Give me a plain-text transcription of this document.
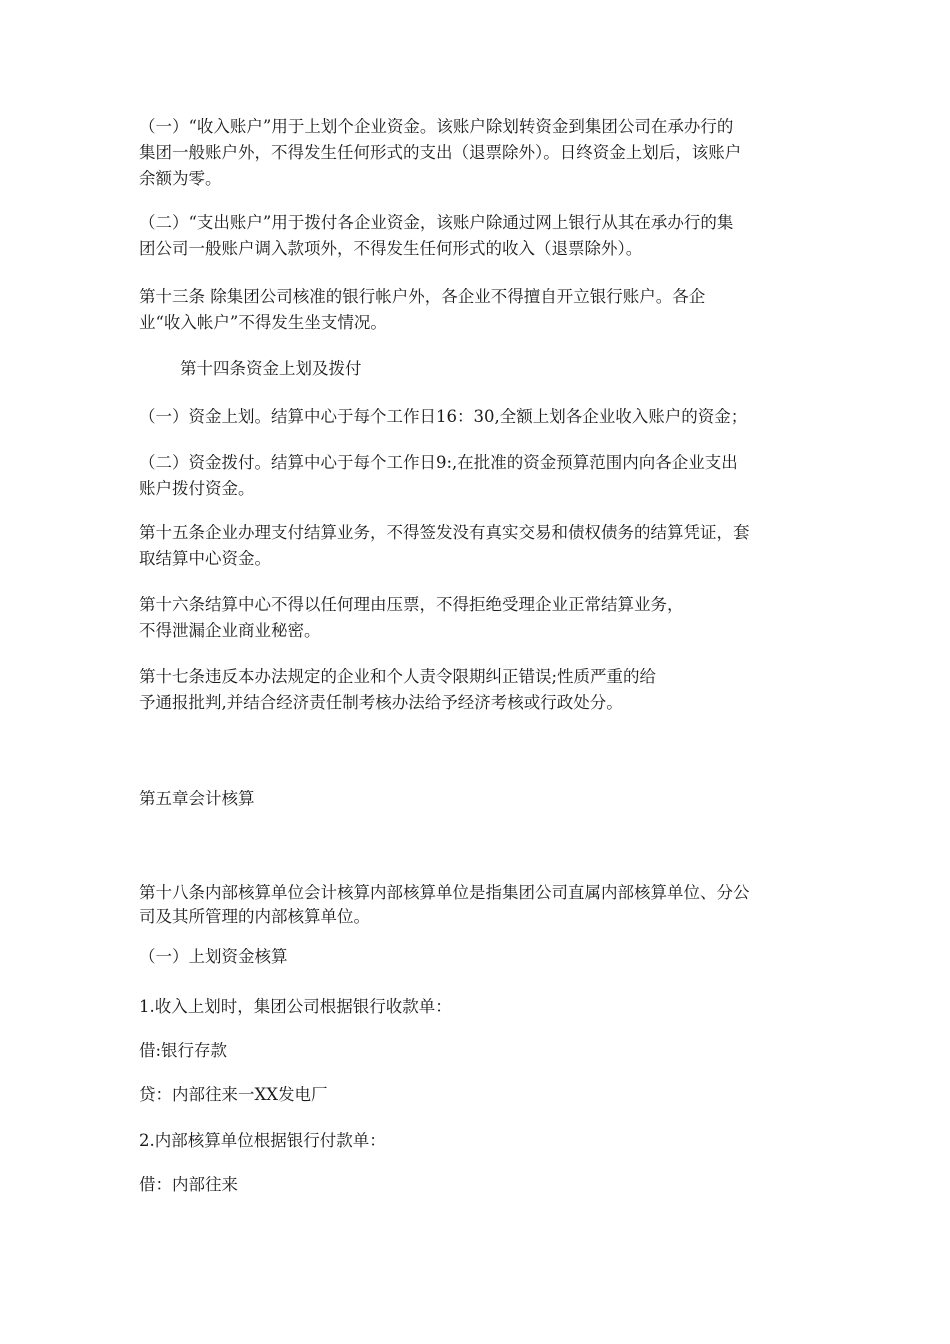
（一）“收入账户”用于上划个企业资金。该账户除划转资金到集团公司在承办行的
集团一般账户外，不得发生任何形式的支出（退票除外）。日终资金上划后，该账户
余额为零。
（二）“支出账户”用于拨付各企业资金，该账户除通过网上银行从其在承办行的集
团公司一般账户调入款项外，不得发生任何形式的收入（退票除外）。
第十三条 除集团公司核准的银行帐户外，各企业不得擅自开立银行账户。各企
业“收入帐户”不得发生坐支情况。
第十四条资金上划及拨付
（一）资金上划。结算中心于每个工作日16：30,全额上划各企业收入账户的资金；
（二）资金拨付。结算中心于每个工作日9:,在批准的资金预算范围内向各企业支出
账户拨付资金。
第十五条企业办理支付结算业务，不得签发没有真实交易和债权债务的结算凭证，套
取结算中心资金。
第十六条结算中心不得以任何理由压票，不得拒绝受理企业正常结算业务，
不得泄漏企业商业秘密。
第十七条违反本办法规定的企业和个人责令限期纠正错误;性质严重的给
予通报批判,并结合经济责任制考核办法给予经济考核或行政处分。
第五章会计核算
第十八条内部核算单位会计核算内部核算单位是指集团公司直属内部核算单位、分公
司及其所管理的内部核算单位。
（一）上划资金核算
1.收入上划时，集团公司根据银行收款单：
借:银行存款
贷：内部往来一XX发电厂
2.内部核算单位根据银行付款单：
借：内部往来
